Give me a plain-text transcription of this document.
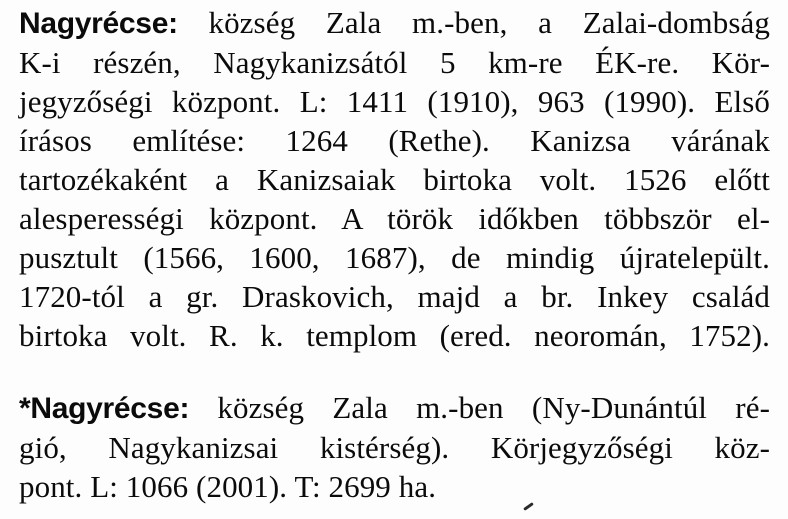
Nagyrécse: község Zala m.-ben, a Zalai-dombság
K-i részén, Nagykanizsától 5 km-re ÉK-re. Kör-
jegyzőségi központ. L: 1411 (1910), 963 (1990). Első
írásos említése: 1264 (Rethe). Kanizsa várának
tartozékaként a Kanizsaiak birtoka volt. 1526 előtt
alesperességi központ. A török időkben többször el-
pusztult (1566, 1600, 1687), de mindig újratelepült.
1720-tól a gr. Draskovich, majd a br. Inkey család
birtoka volt. R. k. templom (ered. neoromán, 1752).
*Nagyrécse: község Zala m.-ben (Ny-Dunántúl ré-
gió, Nagykanizsai kistérség). Körjegyzőségi köz-
pont. L: 1066 (2001). T: 2699 ha.
